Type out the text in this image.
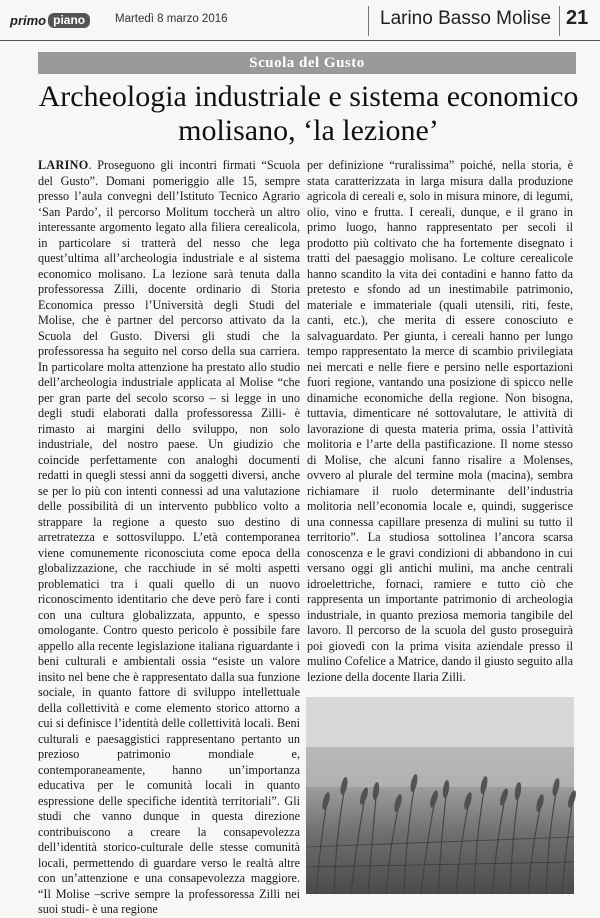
primo piano	Martedì 8 marzo 2016	Larino Basso Molise 21
Scuola del Gusto
Archeologia industriale e sistema economico molisano, ‘la lezione’

LARINO. Proseguono gli incontri firmati “Scuola del Gusto”. Domani pomeriggio alle 15, sempre presso l’aula convegni dell’Istituto Tecnico Agrario ‘San Pardo’, il percorso Molitum toccherà un altro interessante argomento legato alla filiera cerealicola, in particolare si tratterà del nesso che lega quest’ultima all’archeologia industriale e al sistema economico molisano. La lezione sarà tenuta dalla professoressa Zilli, docente ordinario di Storia Economica presso l’Università degli Studi del Molise, che è partner del percorso attivato da la Scuola del Gusto. Diversi gli studi che la professoressa ha seguito nel corso della sua carriera. In particolare molta attenzione ha prestato allo studio dell’archeologia industriale applicata al Molise “che per gran parte del secolo scorso – si legge in uno degli studi elaborati dalla professoressa Zilli- è rimasto ai margini dello sviluppo, non solo industriale, del nostro paese. Un giudizio che coincide perfettamente con analoghi documenti redatti in quegli stessi anni da soggetti diversi, anche se per lo più con intenti connessi ad una valutazione delle possibilità di un intervento pubblico volto a strappare la regione a questo suo destino di arretratezza e sottosviluppo. L’età contemporanea viene comunemente riconosciuta come epoca della globalizzazione, che racchiude in sé molti aspetti problematici tra i quali quello di un nuovo riconoscimento identitario che deve però fare i conti con una cultura globalizzata, appunto, e spesso omologante. Contro questo pericolo è possibile fare appello alla recente legislazione italiana riguardante i beni culturali e ambientali ossia “esiste un valore insito nel bene che è rappresentato dalla sua funzione sociale, in quanto fattore di sviluppo intellettuale della collettività e come elemento storico attorno a cui si definisce l’identità delle collettività locali. Beni culturali e paesaggistici rappresentano pertanto un prezioso patrimonio mondiale e, contemporaneamente, hanno un’importanza educativa per le comunità locali in quanto espressione delle specifiche identità territoriali”. Gli studi che vanno dunque in questa direzione contribuiscono a creare la consapevolezza dell’identità storico-culturale delle stesse comunità locali, permettendo di guardare verso le realtà altre con un’attenzione e una consapevolezza maggiore. “Il Molise –scrive sempre la professoressa Zilli nei suoi studi- è una regione

per definizione “ruralissima” poiché, nella storia, è stata caratterizzata in larga misura dalla produzione agricola di cereali e, solo in misura minore, di legumi, olio, vino e frutta. I cereali, dunque, e il grano in primo luogo, hanno rappresentato per secoli il prodotto più coltivato che ha fortemente disegnato i tratti del paesaggio molisano. Le colture cerealicole hanno scandito la vita dei contadini e hanno fatto da pretesto e sfondo ad un inestimabile patrimonio, materiale e immateriale (quali utensili, riti, feste, canti, etc.), che merita di essere conosciuto e salvaguardato. Per giunta, i cereali hanno per lungo tempo rappresentato la merce di scambio privilegiata nei mercati e nelle fiere e persino nelle esportazioni fuori regione, vantando una posizione di spicco nelle dinamiche economiche della regione. Non bisogna, tuttavia, dimenticare né sottovalutare, le attività di lavorazione di questa materia prima, ossia l’attività molitoria e l’arte della pastificazione. Il nome stesso di Molise, che alcuni fanno risalire a Molenses, ovvero al plurale del termine mola (macina), sembra richiamare il ruolo determinante dell’industria molitoria nell’economia locale e, quindi, suggerisce una connessa capillare presenza di mulini su tutto il territorio”. La studiosa sottolinea l’ancora scarsa conoscenza e le gravi condizioni di abbandono in cui versano oggi gli antichi mulini, ma anche centrali idroelettriche, fornaci, ramiere e tutto ciò che rappresenta un importante patrimonio di archeologia industriale, in quanto preziosa memoria tangibile del lavoro. Il percorso de la scuola del gusto proseguirà poi giovedì con la prima visita aziendale presso il mulino Cofelice a Matrice, dando il giusto seguito alla lezione della docente Ilaria Zilli.
